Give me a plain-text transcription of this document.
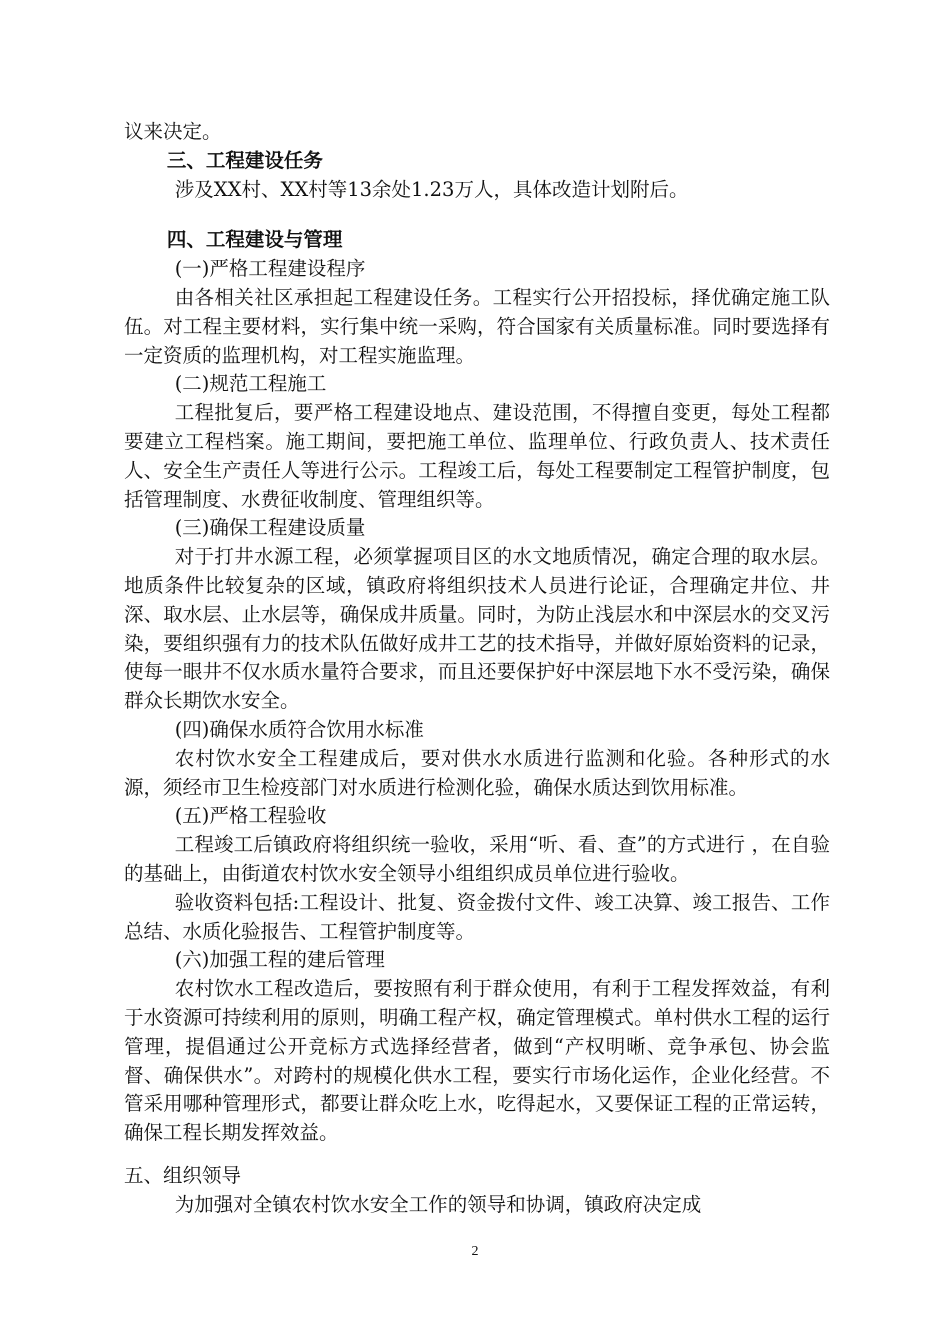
议来决定。

三、工程建设任务

涉及XX村、XX村等13余处1.23万人，具体改造计划附后。

四、工程建设与管理

(一)严格工程建设程序

由各相关社区承担起工程建设任务。工程实行公开招投标，择优确定施工队伍。对工程主要材料，实行集中统一采购，符合国家有关质量标准。同时要选择有一定资质的监理机构，对工程实施监理。

(二)规范工程施工

工程批复后，要严格工程建设地点、建设范围，不得擅自变更，每处工程都要建立工程档案。施工期间，要把施工单位、监理单位、行政负责人、技术责任人、安全生产责任人等进行公示。工程竣工后，每处工程要制定工程管护制度，包括管理制度、水费征收制度、管理组织等。

(三)确保工程建设质量

对于打井水源工程，必须掌握项目区的水文地质情况，确定合理的取水层。地质条件比较复杂的区域，镇政府将组织技术人员进行论证，合理确定井位、井深、取水层、止水层等，确保成井质量。同时，为防止浅层水和中深层水的交叉污染，要组织强有力的技术队伍做好成井工艺的技术指导，并做好原始资料的记录，使每一眼井不仅水质水量符合要求，而且还要保护好中深层地下水不受污染，确保群众长期饮水安全。

(四)确保水质符合饮用水标准

农村饮水安全工程建成后，要对供水水质进行监测和化验。各种形式的水源，须经市卫生检疫部门对水质进行检测化验，确保水质达到饮用标准。

(五)严格工程验收

工程竣工后镇政府将组织统一验收，采用“听、看、查”的方式进行 ，在自验的基础上，由街道农村饮水安全领导小组组织成员单位进行验收。

验收资料包括:工程设计、批复、资金拨付文件、竣工决算、竣工报告、工作总结、水质化验报告、工程管护制度等。

(六)加强工程的建后管理

农村饮水工程改造后，要按照有利于群众使用，有利于工程发挥效益，有利于水资源可持续利用的原则，明确工程产权，确定管理模式。单村供水工程的运行管理，提倡通过公开竞标方式选择经营者，做到“产权明晰、竞争承包、协会监督、确保供水”。对跨村的规模化供水工程，要实行市场化运作，企业化经营。不管采用哪种管理形式，都要让群众吃上水，吃得起水，又要保证工程的正常运转，确保工程长期发挥效益。

五、组织领导

为加强对全镇农村饮水安全工作的领导和协调，镇政府决定成

2
